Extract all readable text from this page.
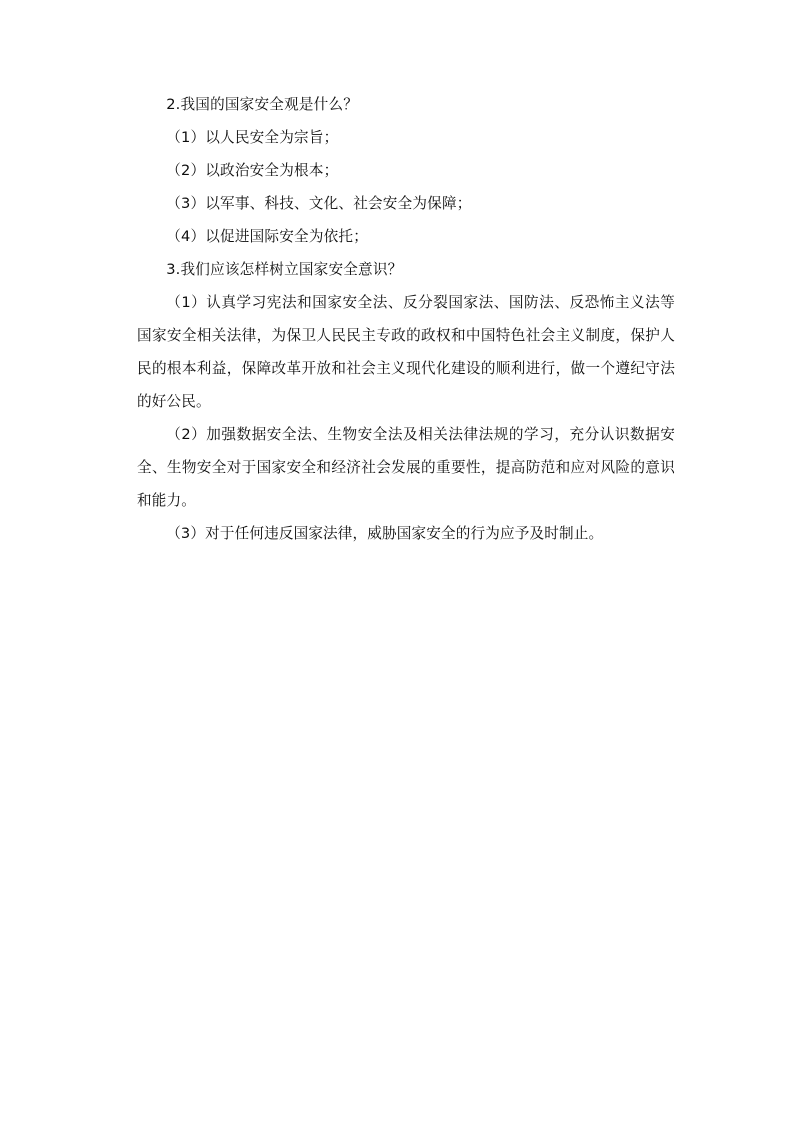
2.我国的国家安全观是什么？

（1）以人民安全为宗旨；

（2）以政治安全为根本；

（3）以军事、科技、文化、社会安全为保障；

（4）以促进国际安全为依托；

3.我们应该怎样树立国家安全意识？

（1）认真学习宪法和国家安全法、反分裂国家法、国防法、反恐怖主义法等国家安全相关法律，为保卫人民民主专政的政权和中国特色社会主义制度，保护人民的根本利益，保障改革开放和社会主义现代化建设的顺利进行，做一个遵纪守法的好公民。

（2）加强数据安全法、生物安全法及相关法律法规的学习，充分认识数据安全、生物安全对于国家安全和经济社会发展的重要性，提高防范和应对风险的意识和能力。

（3）对于任何违反国家法律，威胁国家安全的行为应予及时制止。
